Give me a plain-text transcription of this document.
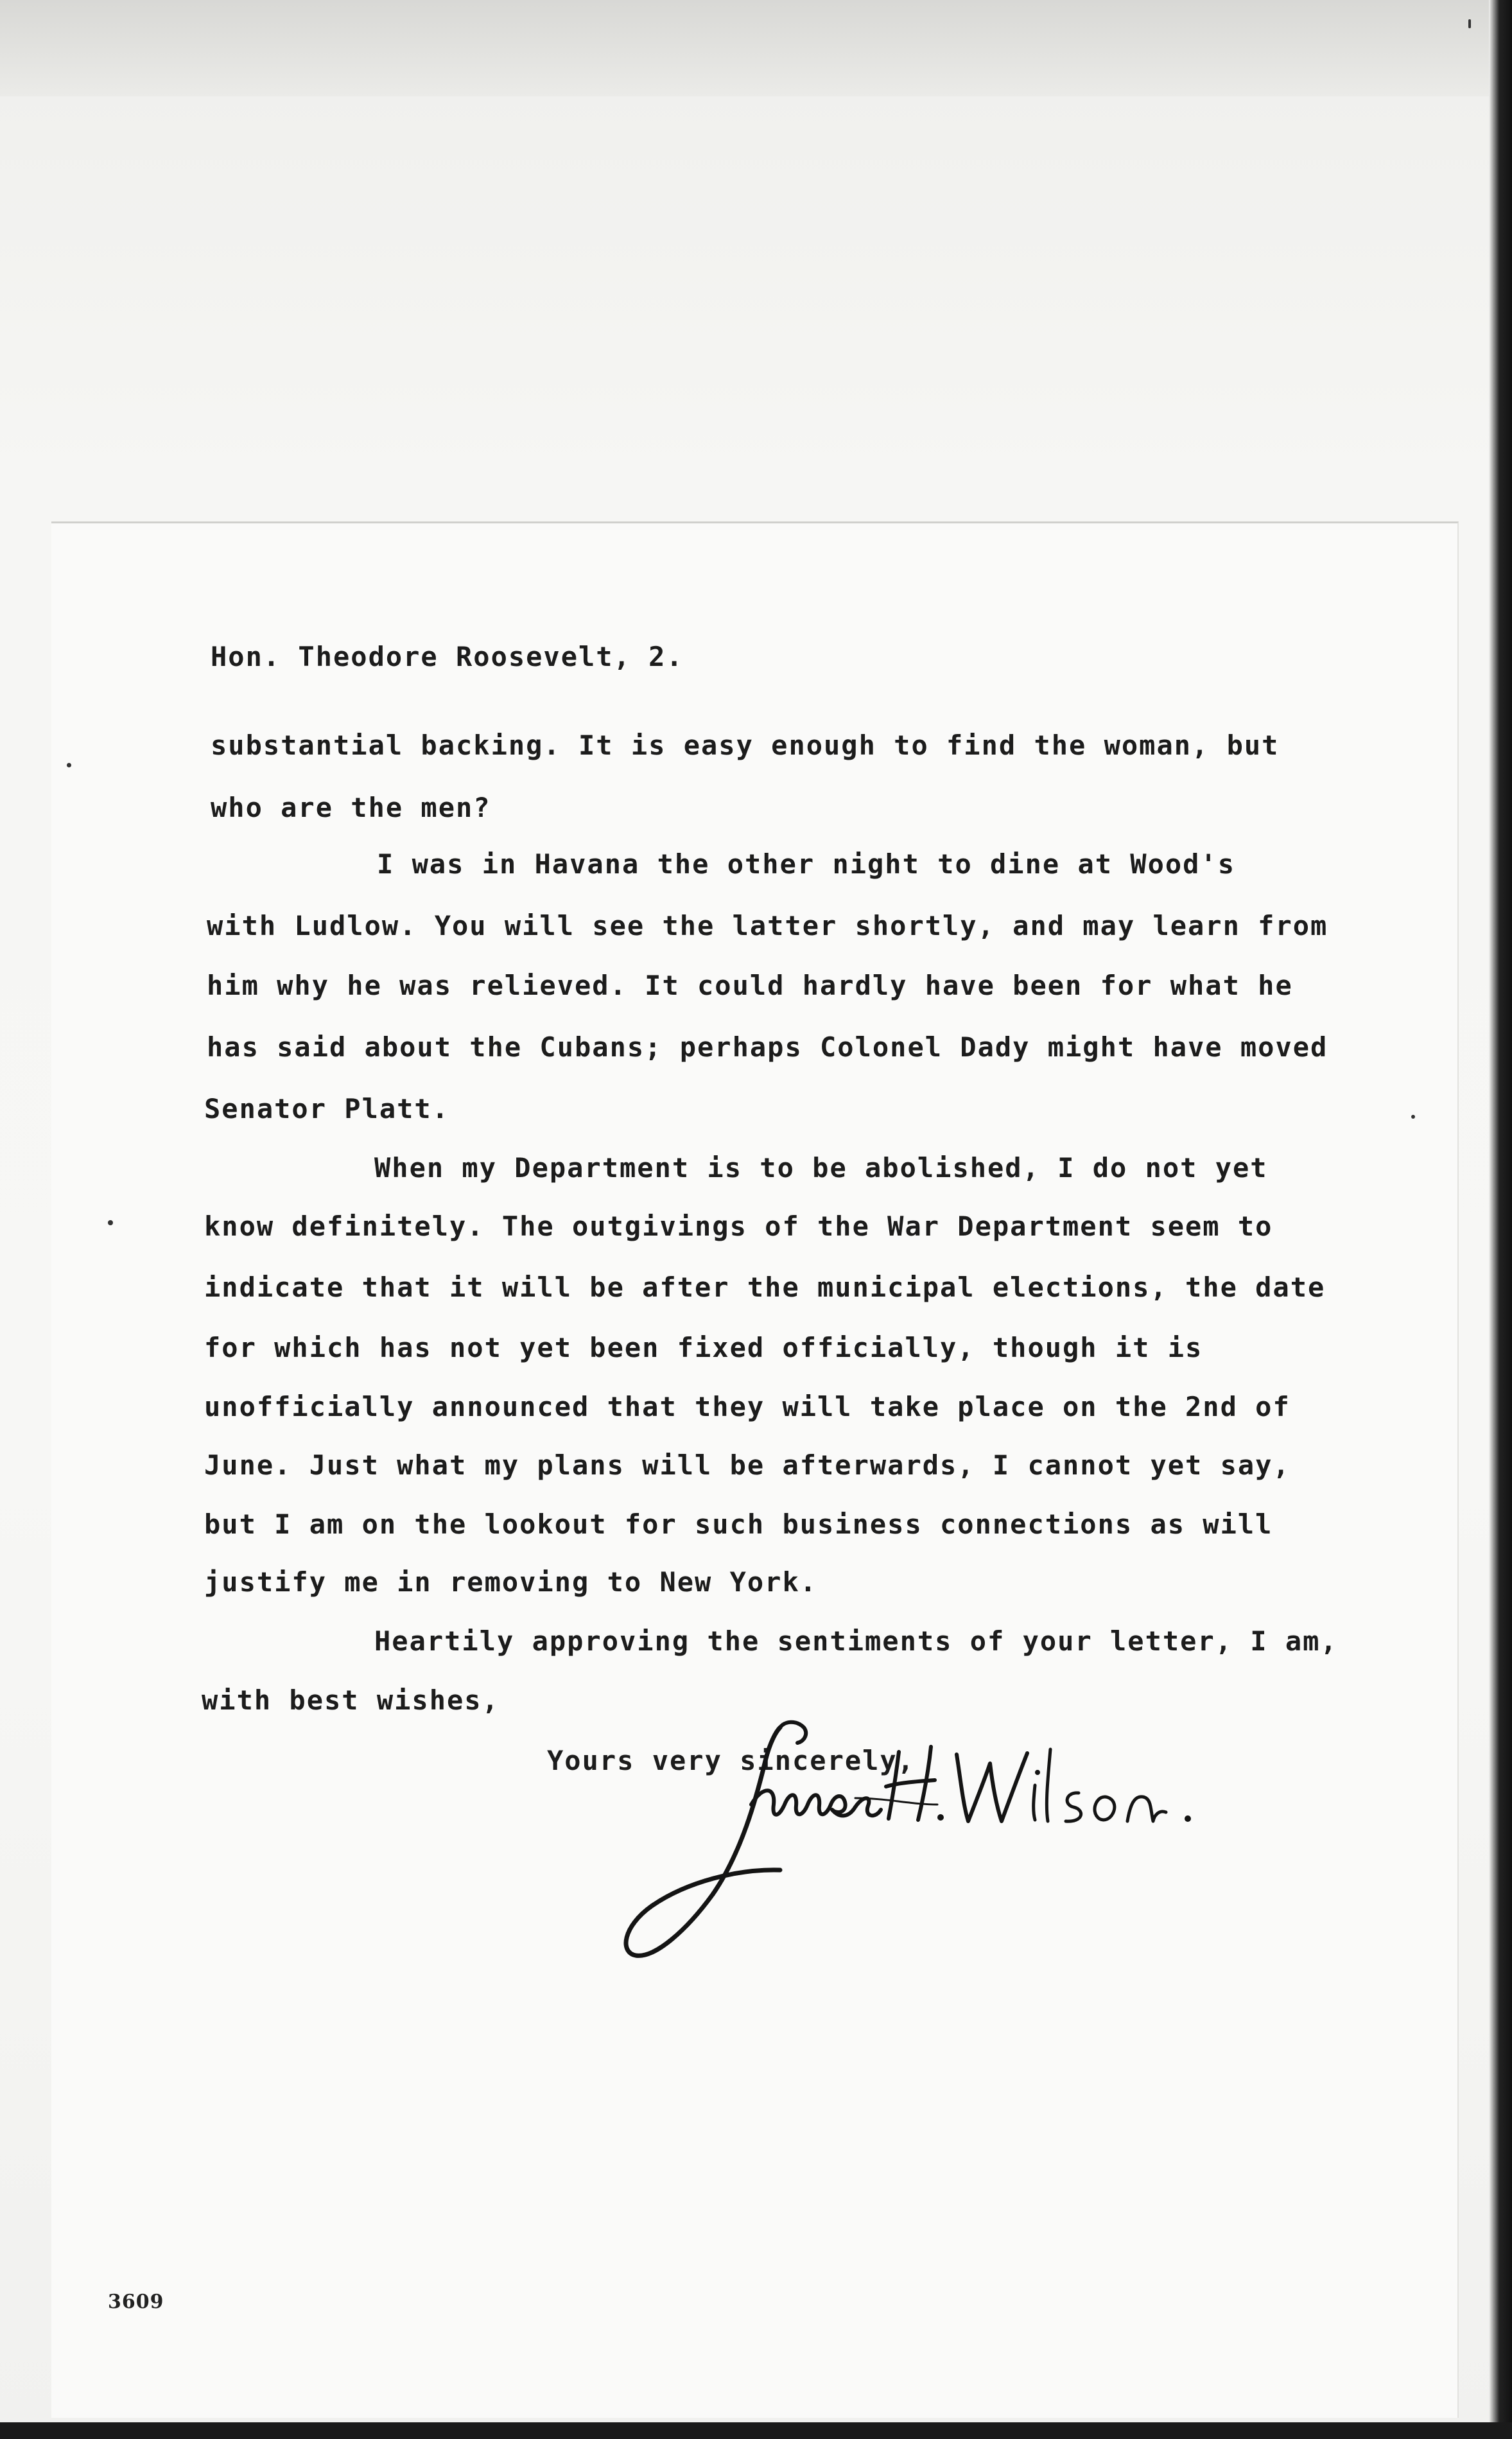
Hon. Theodore Roosevelt, 2.
substantial backing. It is easy enough to find the woman, but
who are the men?
I was in Havana the other night to dine at Wood's
with Ludlow. You will see the latter shortly, and may learn from
him why he was relieved. It could hardly have been for what he
has said about the Cubans; perhaps Colonel Dady might have moved
Senator Platt.
When my Department is to be abolished, I do not yet
know definitely. The outgivings of the War Department seem to
indicate that it will be after the municipal elections, the date
for which has not yet been fixed officially, though it is
unofficially announced that they will take place on the 2nd of
June. Just what my plans will be afterwards, I cannot yet say,
but I am on the lookout for such business connections as will
justify me in removing to New York.
Heartily approving the sentiments of your letter, I am,
with best wishes,
Yours very sincerely,
3609
